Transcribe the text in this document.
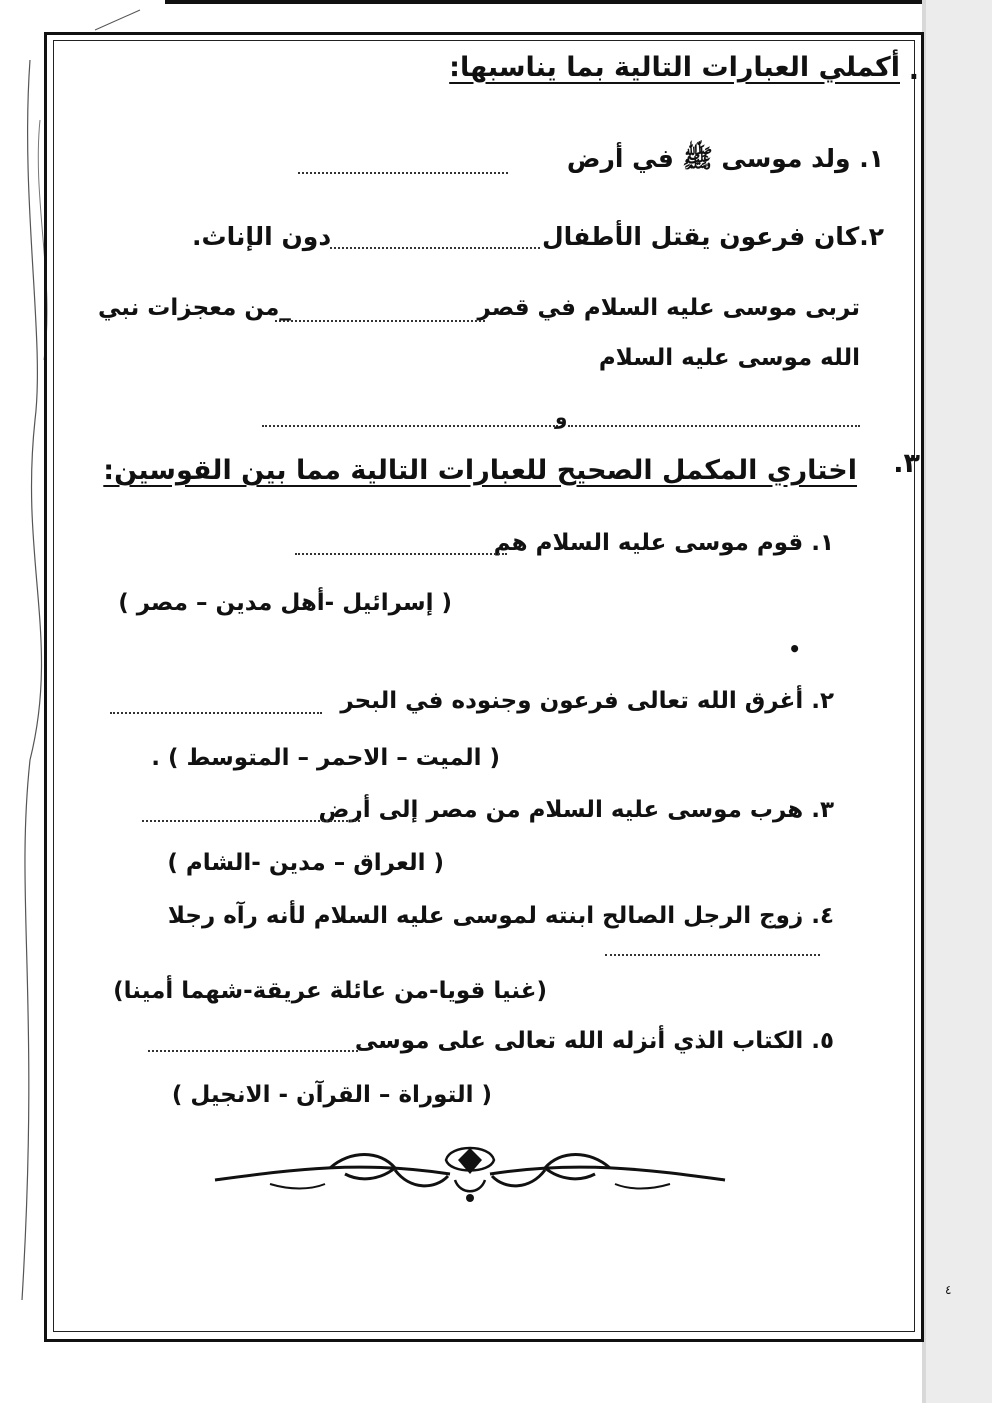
.
أكملي العبارات التالية بما يناسبها:
١. ولد موسى ﷺ في أرض
٢.كان فرعون يقتل الأطفال
دون الإناث.
تربى موسى عليه السلام في قصر
_من معجزات نبي
الله موسى عليه السلام
و
٣.
اختاري المكمل الصحيح للعبارات التالية مما بين القوسين:
١. قوم موسى عليه السلام هم
( إسرائيل -أهل مدين – مصر )
•
٢. أغرق الله تعالى فرعون وجنوده في البحر
( الميت – الاحمر – المتوسط ) .
٣. هرب موسى عليه السلام من مصر إلى أرض
( العراق – مدين -الشام )
٤. زوج الرجل الصالح ابنته لموسى عليه السلام لأنه رآه رجلا
(غنيا قويا-من عائلة عريقة-شهما أمينا)
٥. الكتاب الذي أنزله الله تعالى على موسى
( التوراة – القرآن - الانجيل )
٤
